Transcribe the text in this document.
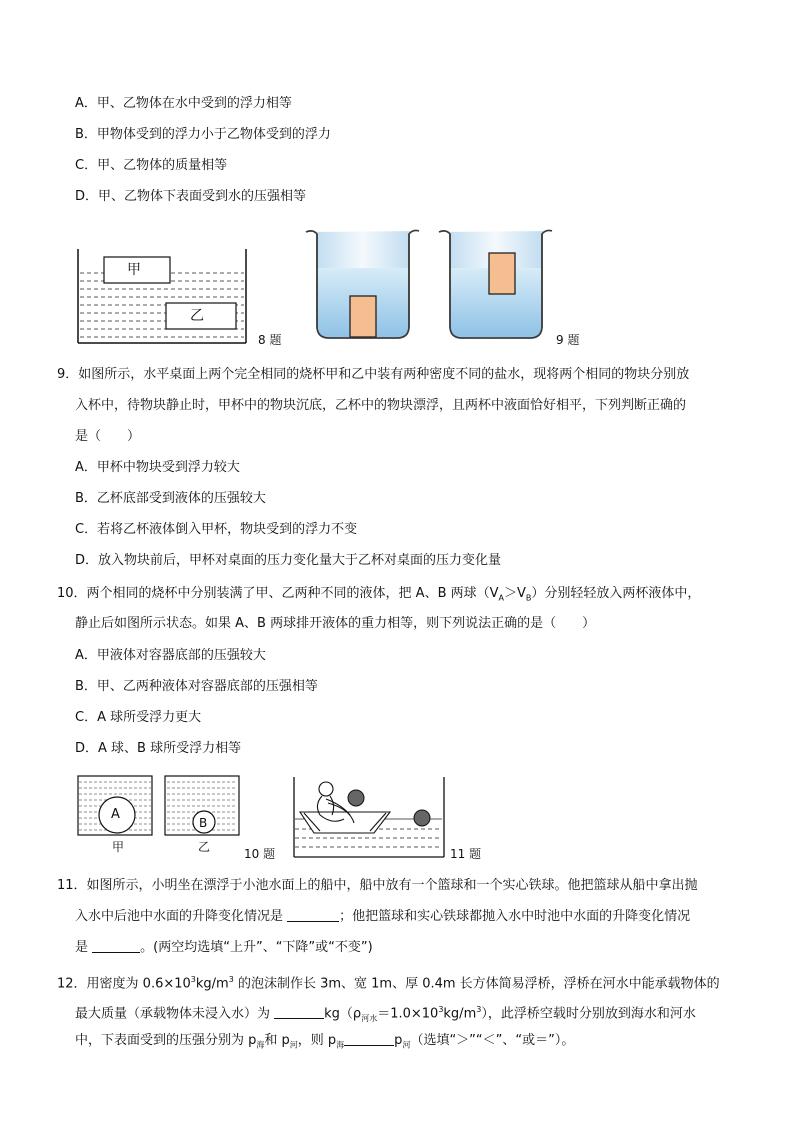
A．甲、乙物体在水中受到的浮力相等
B．甲物体受到的浮力小于乙物体受到的浮力
C．甲、乙物体的质量相等
D．甲、乙物体下表面受到水的压强相等
甲
乙
8 题	9 题
9．如图所示，水平桌面上两个完全相同的烧杯甲和乙中装有两种密度不同的盐水，现将两个相同的物块分别放
入杯中，待物块静止时，甲杯中的物块沉底，乙杯中的物块漂浮，且两杯中液面恰好相平，下列判断正确的
是（　　）
A．甲杯中物块受到浮力较大
B．乙杯底部受到液体的压强较大
C．若将乙杯液体倒入甲杯，物块受到的浮力不变
D．放入物块前后，甲杯对桌面的压力变化量大于乙杯对桌面的压力变化量
10．两个相同的烧杯中分别装满了甲、乙两种不同的液体，把 A、B 两球$(V_A>V_B)$分别轻轻放入两杯液体中，
静止后如图所示状态。如果 A、B 两球排开液体的重力相等，则下列说法正确的是（　　）
A．甲液体对容器底部的压强较大
B．甲、乙两种液体对容器底部的压强相等
C．A 球所受浮力更大
D．A 球、B 球所受浮力相等
A
B
甲	乙	10 题	11 题
11．如图所示，小明坐在漂浮于小池水面上的船中，船中放有一个篮球和一个实心铁球。他把篮球从船中拿出抛
入水中后池中水面的升降变化情况是	；他把篮球和实心铁球都抛入水中时池中水面的升降变化情况
是	。(两空均选填“上升”、“下降”或“不变”)
12．用密度为 $0.6\times 10^3kg/m^3$ 的泡沫制作长 3m、宽 1m、厚 0.4m 长方体简易浮桥，浮桥在河水中能承载物体的
最大质量（承载物体未浸入水）为	$kg(\rho_{河水}=1.0\times 10^3kg/m^3)$，此浮桥空载时分别放到海水和河水
中，下表面受到的压强分别为 $p_海$和 $p_河$，则 $p_海$	$p_河$（选填“＞”“＜”、“或＝”）。
